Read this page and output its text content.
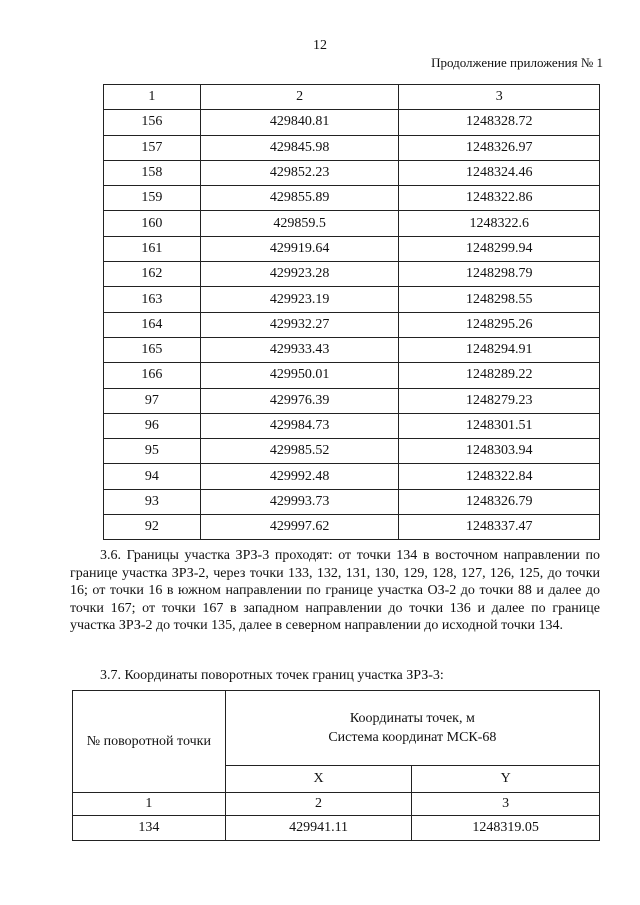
12
Продолжение приложения № 1
1	2	3
156	429840.81	1248328.72
157	429845.98	1248326.97
158	429852.23	1248324.46
159	429855.89	1248322.86
160	429859.5	1248322.6
161	429919.64	1248299.94
162	429923.28	1248298.79
163	429923.19	1248298.55
164	429932.27	1248295.26
165	429933.43	1248294.91
166	429950.01	1248289.22
97	429976.39	1248279.23
96	429984.73	1248301.51
95	429985.52	1248303.94
94	429992.48	1248322.84
93	429993.73	1248326.79
92	429997.62	1248337.47
3.6. Границы участка ЗРЗ-3 проходят: от точки 134 в восточном направлении по границе участка ЗРЗ-2, через точки 133, 132, 131, 130, 129, 128, 127, 126, 125, до точки 16; от точки 16 в южном направлении по границе участка ОЗ-2 до точки 88 и далее до точки 167; от точки 167 в западном направлении до точки 136 и далее по границе участка ЗРЗ-2 до точки 135, далее в северном направлении до исходной точки 134.
3.7. Координаты поворотных точек границ участка ЗРЗ-3:
№ поворотной точки	Координаты точек, м
Система координат МСК-68	

	X	Y
1	2	3
134	429941.11	1248319.05
